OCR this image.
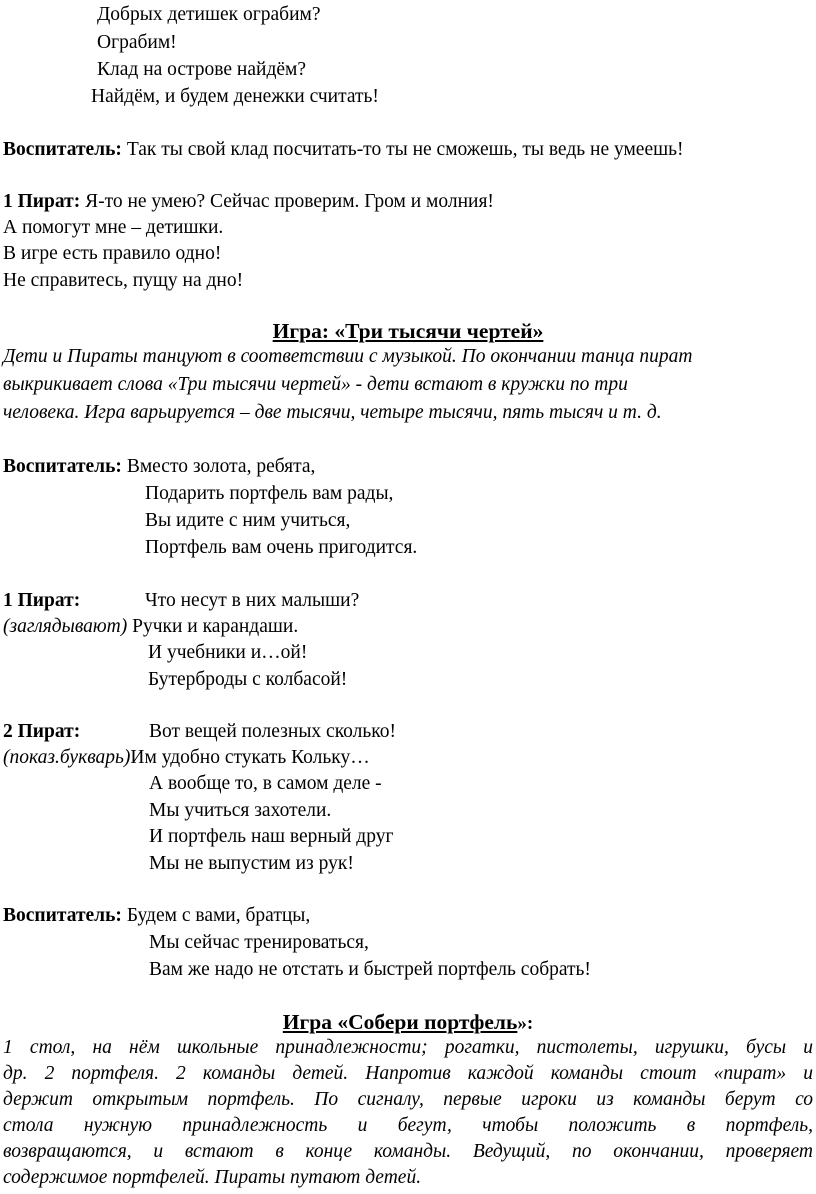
Добрых детишек ограбим?
Ограбим!
Клад на острове найдём?
Найдём, и будем денежки считать!
Воспитатель: Так ты свой клад посчитать-то ты не сможешь, ты ведь не умеешь!
1 Пират: Я-то не умею? Сейчас проверим. Гром и молния!
А помогут мне – детишки.
В игре есть правило одно!
Не справитесь, пущу на дно!
Игра: «Три тысячи чертей»
Дети и Пираты танцуют в соответствии с музыкой. По окончании танца пират
выкрикивает слова «Три тысячи чертей» - дети встают в кружки по три
человека. Игра варьируется – две тысячи, четыре тысячи, пять тысяч и т. д.
Воспитатель: Вместо золота, ребята,
Подарить портфель вам рады,
Вы идите с ним учиться,
Портфель вам очень пригодится.
1 Пират:	Что несут в них малыши?
(заглядывают) Ручки и карандаши.
И учебники и…ой!
Бутерброды с колбасой!
2 Пират:	Вот вещей полезных сколько!
(показ.букварь)Им удобно стукать Кольку…
А вообще то, в самом деле -
Мы учиться захотели.
И портфель наш верный друг
Мы не выпустим из рук!
Воспитатель: Будем с вами, братцы,
Мы сейчас тренироваться,
Вам же надо не отстать и быстрей портфель собрать!
Игра «Собери портфель»:
1 стол, на нём школьные принадлежности; рогатки, пистолеты, игрушки, бусы и
др. 2 портфеля. 2 команды детей. Напротив каждой команды стоит «пират» и
держит открытым портфель. По сигналу, первые игроки из команды берут со
стола нужную принадлежность и бегут, чтобы положить в портфель,
возвращаются, и встают в конце команды. Ведущий, по окончании, проверяет
содержимое портфелей. Пираты путают детей.
